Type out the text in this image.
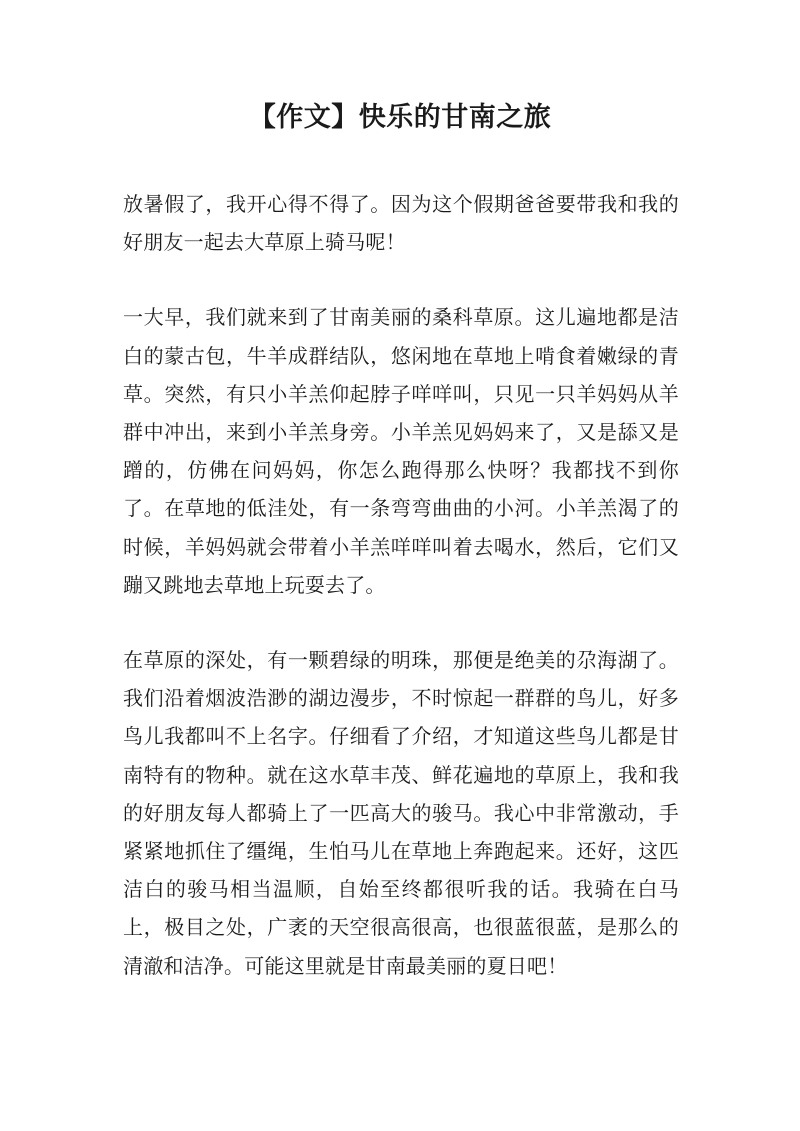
【作文】快乐的甘南之旅

放暑假了，我开心得不得了。因为这个假期爸爸要带我和我的好朋友一起去大草原上骑马呢！

一大早，我们就来到了甘南美丽的桑科草原。这儿遍地都是洁白的蒙古包，牛羊成群结队，悠闲地在草地上啃食着嫩绿的青草。突然，有只小羊羔仰起脖子咩咩叫，只见一只羊妈妈从羊群中冲出，来到小羊羔身旁。小羊羔见妈妈来了，又是舔又是蹭的，仿佛在问妈妈，你怎么跑得那么快呀？我都找不到你了。在草地的低洼处，有一条弯弯曲曲的小河。小羊羔渴了的时候，羊妈妈就会带着小羊羔咩咩叫着去喝水，然后，它们又蹦又跳地去草地上玩耍去了。

在草原的深处，有一颗碧绿的明珠，那便是绝美的尕海湖了。我们沿着烟波浩渺的湖边漫步，不时惊起一群群的鸟儿，好多鸟儿我都叫不上名字。仔细看了介绍，才知道这些鸟儿都是甘南特有的物种。就在这水草丰茂、鲜花遍地的草原上，我和我的好朋友每人都骑上了一匹高大的骏马。我心中非常激动，手紧紧地抓住了缰绳，生怕马儿在草地上奔跑起来。还好，这匹洁白的骏马相当温顺，自始至终都很听我的话。我骑在白马上，极目之处，广袤的天空很高很高，也很蓝很蓝，是那么的清澈和洁净。可能这里就是甘南最美丽的夏日吧！
